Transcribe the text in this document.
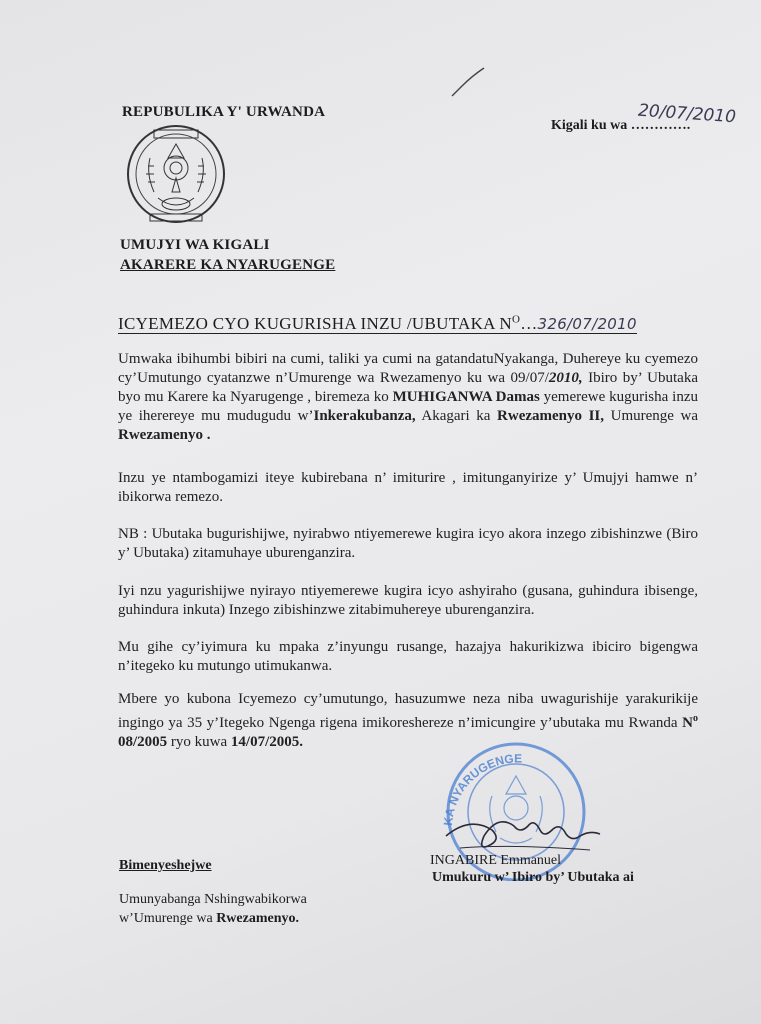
REPUBULIKA Y' URWANDA
UMUJYI WA KIGALI
AKARERE KA NYARUGENGE
Kigali ku wa ………….
20/07/2010
ICYEMEZO CYO KUGURISHA INZU /UBUTAKA $N^O\dots 326/07/2010$
Umwaka ibihumbi bibiri na cumi, taliki ya cumi na gatandatuNyakanga, Duhereye ku cyemezo cy’Umutungo cyatanzwe n’Umurenge wa Rwezamenyo ku wa 09/07/2010, Ibiro by’ Ubutaka byo mu Karere ka Nyarugenge , biremeza ko MUHIGANWA Damas yemerewe kugurisha inzu ye iherereye mu mudugudu w’Inkerakubanza, Akagari ka Rwezamenyo II, Umurenge wa Rwezamenyo .
Inzu ye ntambogamizi iteye kubirebana n’ imiturire , imitunganyirize y’ Umujyi hamwe n’ ibikorwa remezo.
NB : Ubutaka bugurishijwe, nyirabwo ntiyemerewe kugira icyo akora inzego zibishinzwe (Biro y’ Ubutaka) zitamuhaye uburenganzira.
Iyi nzu yagurishijwe nyirayo ntiyemerewe kugira icyo ashyiraho (gusana, guhindura ibisenge, guhindura inkuta) Inzego zibishinzwe zitabimuhereye uburenganzira.
Mu gihe cy’iyimura ku mpaka z’inyungu rusange, hazajya hakurikizwa ibiciro bigengwa n’itegeko ku mutungo utimukanwa.
Mbere yo kubona Icyemezo cy’umutungo, hasuzumwe neza niba uwagurishije yarakurikije ingingo ya 35 y’Itegeko Ngenga rigena imikoreshereze n’imicungire y’ubutaka mu Rwanda $N^o$ 08/2005 ryo kuwa 14/07/2005.
KA NYARUGENGE
Bimenyeshejwe
Umunyabanga Nshingwabikorwa
w’Umurenge wa Rwezamenyo.
INGABIRE Emmanuel
Umukuru w’ Ibiro by’ Ubutaka ai
